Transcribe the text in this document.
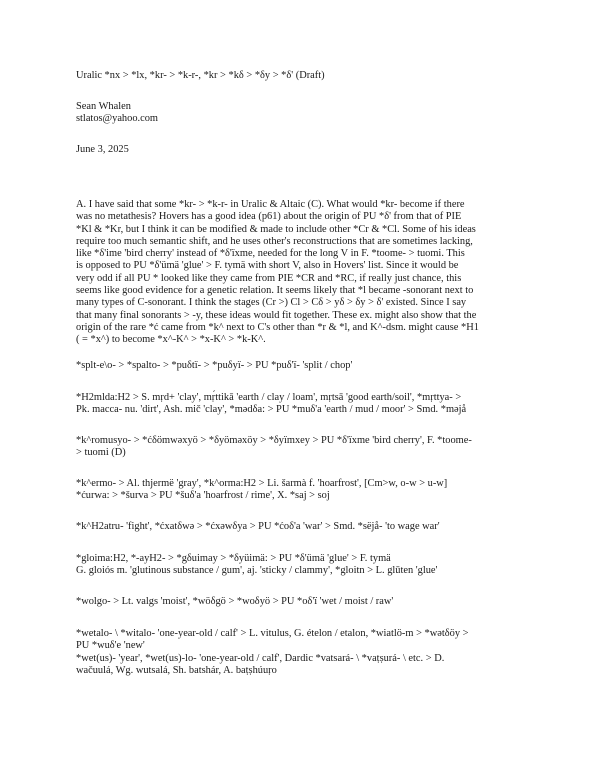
Uralic *nx > *lx, *kr- > *k-r-, *kr > *kδ > *δy > *δ' (Draft)

Sean Whalen
stlatos@yahoo.com

June 3, 2025

A. I have said that some *kr- > *k-r- in Uralic & Altaic (C). What would *kr- become if there
was no metathesis? Hovers has a good idea (p61) about the origin of PU *δ' from that of PIE
*Kl & *Kr, but I think it can be modified & made to include other *Cr & *Cl. Some of his ideas
require too much semantic shift, and he uses other's reconstructions that are sometimes lacking,
like *δ'ime 'bird cherry' instead of *δ'ïxme, needed for the long V in F. *toome- > tuomi. This
is opposed to PU *δ'ümä 'glue' > F. tymä with short V, also in Hovers' list. Since it would be
very odd if all PU * looked like they came from PIE *CR and *RC, if really just chance, this
seems like good evidence for a genetic relation. It seems likely that *l became -sonorant next to
many types of C-sonorant. I think the stages (Cr >) Cl > Cδ > yδ > δy > δ' existed. Since I say
that many final sonorants > -y, these ideas would fit together. These ex. might also show that the
origin of the rare *ć came from *k^ next to C's other than *r & *l, and K^-dsm. might cause *H1
( = *x^) to become *x^-K^ > *x-K^ > *k-K^.
*splt-e\o- > *spalto- > *puδtï- > *puδyï- > PU *puδ'ï- 'split / chop'
*H2mlda:H2 > S. mṛd+ 'clay', mṛ́ttikā 'earth / clay / loam', mṛtsā 'good earth/soil', *mṛttya- >
Pk. macca- nu. 'dirt', Ash. mič 'clay', *mədδa: > PU *muδ'a 'earth / mud / moor' > Smd. *məjå
*k^romusyo- > *ćδömwəxyö > *δyöməxöy > *δyïmxey > PU *δ'ïxme 'bird cherry', F. *toome-
> tuomi (D)
*k^ermo- > Al. thjermë 'gray', *k^orma:H2 > Li. šarmà f. 'hoarfrost', [Cm>w, o-w > u-w]
*ćurwa: > *šurva > PU *šuδ'a 'hoarfrost / rime', X. *saj > soj
*k^H2atru- 'fight', *ćxatδwə > *ćxəwδya > PU *ćoδ'a 'war' > Smd. *sëjå- 'to wage war'
*gloima:H2, *-ayH2- > *gδuimay > *δyüimä: > PU *δ'ümä 'glue' > F. tymä
G. gloiós m. 'glutinous substance / gum', aj. 'sticky / clammy', *gloitn > L. glūten 'glue'
*wolgo- > Lt. valgs 'moist', *wöδgö > *woδyö > PU *oδ'ï 'wet / moist / raw'
*wetalo- \ *witalo- 'one-year-old / calf' > L. vitulus, G. ételon / etalon, *wiatlö-m > *wətδöy >
PU *wuδ'e 'new'
*wet(us)- 'year', *wet(us)-lo- 'one-year-old / calf', Dardic *vatsará- \ *vaṭṣurá- \ etc. > D.
wačuulá, Wg. wutsalá, Sh. batshár, A. baṭṣhúuṛo
